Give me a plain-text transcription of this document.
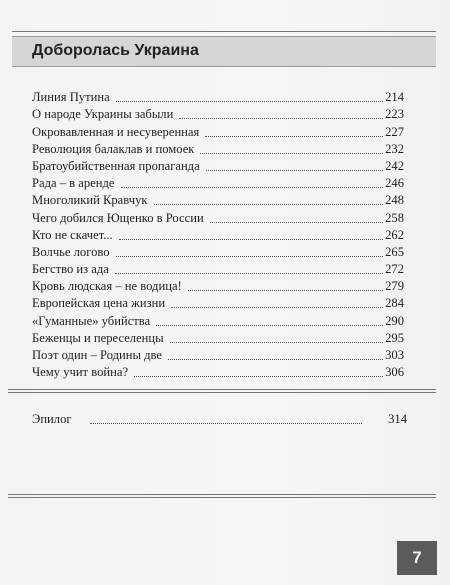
Доборолась Украина
Линия Путина	214
О народе Украины забыли	223
Окровавленная и несуверенная	227
Революция балаклав и помоек	232
Братоубийственная пропаганда	242
Рада – в аренде	246
Многоликий Кравчук	248
Чего добился Ющенко в России	258
Кто не скачет...	262
Волчье логово	265
Бегство из ада	272
Кровь людская – не водица!	279
Европейская цена жизни	284
«Гуманные» убийства	290
Беженцы и переселенцы	295
Поэт один – Родины две	303
Чему учит война?	306
Эпилог	314
7
